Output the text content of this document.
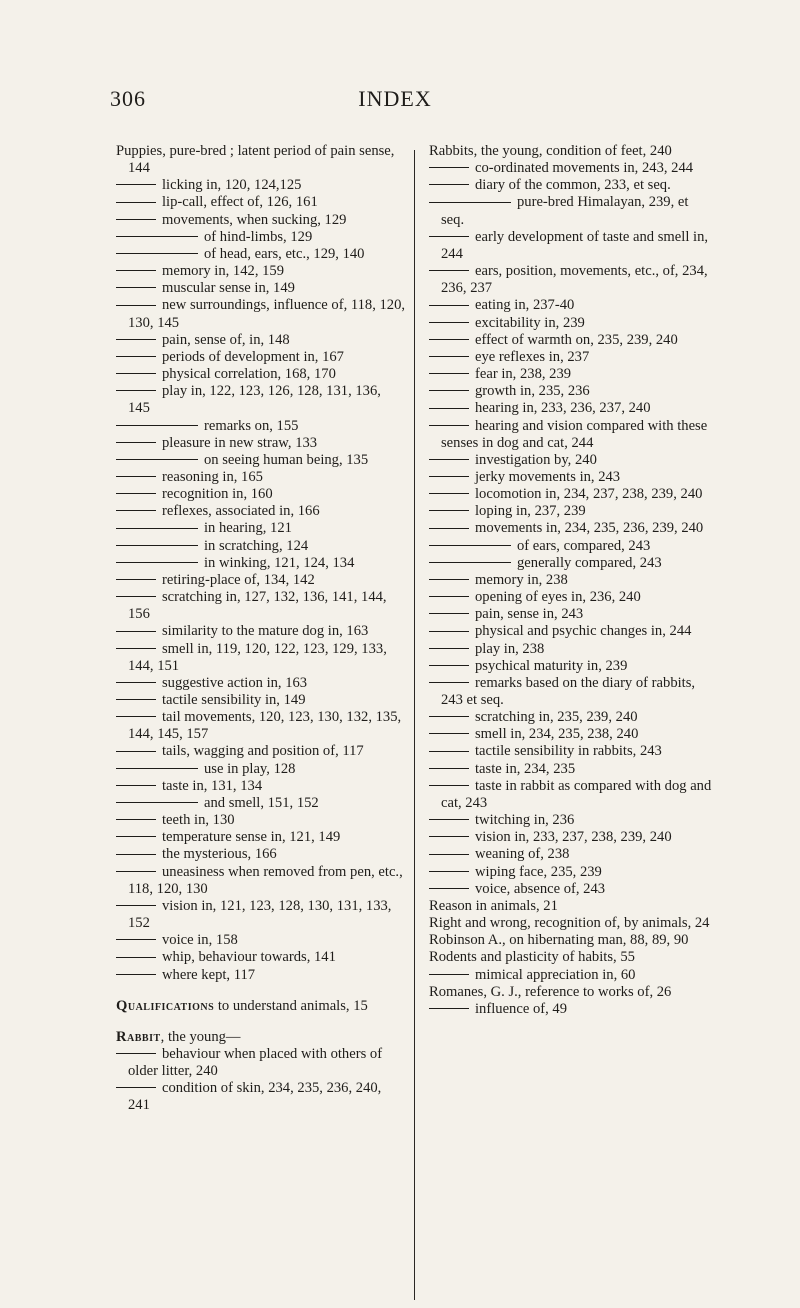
306	INDEX

Puppies, pure-bred ; latent period of pain sense, 144

licking in, 120, 124,125

lip-call, effect of, 126, 161

movements, when sucking, 129

of hind-limbs, 129

of head, ears, etc., 129, 140

memory in, 142, 159

muscular sense in, 149

new surroundings, influence of, 118, 120, 130, 145

pain, sense of, in, 148

periods of development in, 167

physical correlation, 168, 170

play in, 122, 123, 126, 128, 131, 136, 145

remarks on, 155

pleasure in new straw, 133

on seeing human being, 135

reasoning in, 165

recognition in, 160

reflexes, associated in, 166

in hearing, 121

in scratching, 124

in winking, 121, 124, 134

retiring-place of, 134, 142

scratching in, 127, 132, 136, 141, 144, 156

similarity to the mature dog in, 163

smell in, 119, 120, 122, 123, 129, 133, 144, 151

suggestive action in, 163

tactile sensibility in, 149

tail movements, 120, 123, 130, 132, 135, 144, 145, 157

tails, wagging and position of, 117

use in play, 128

taste in, 131, 134

and smell, 151, 152

teeth in, 130

temperature sense in, 121, 149

the mysterious, 166

uneasiness when removed from pen, etc., 118, 120, 130

vision in, 121, 123, 128, 130, 131, 133, 152

voice in, 158

whip, behaviour towards, 141

where kept, 117

Qualifications to understand animals, 15

Rabbit, the young—

behaviour when placed with others of older litter, 240

condition of skin, 234, 235, 236, 240, 241

Rabbits, the young, condition of feet, 240

co-ordinated movements in, 243, 244

diary of the common, 233, et seq.

pure-bred Himalayan, 239, et seq.

early development of taste and smell in, 244

ears, position, movements, etc., of, 234, 236, 237

eating in, 237-40

excitability in, 239

effect of warmth on, 235, 239, 240

eye reflexes in, 237

fear in, 238, 239

growth in, 235, 236

hearing in, 233, 236, 237, 240

hearing and vision compared with these senses in dog and cat, 244

investigation by, 240

jerky movements in, 243

locomotion in, 234, 237, 238, 239, 240

loping in, 237, 239

movements in, 234, 235, 236, 239, 240

of ears, compared, 243

generally compared, 243

memory in, 238

opening of eyes in, 236, 240

pain, sense in, 243

physical and psychic changes in, 244

play in, 238

psychical maturity in, 239

remarks based on the diary of rabbits, 243 et seq.

scratching in, 235, 239, 240

smell in, 234, 235, 238, 240

tactile sensibility in rabbits, 243

taste in, 234, 235

taste in rabbit as compared with dog and cat, 243

twitching in, 236

vision in, 233, 237, 238, 239, 240

weaning of, 238

wiping face, 235, 239

voice, absence of, 243

Reason in animals, 21

Right and wrong, recognition of, by animals, 24

Robinson A., on hibernating man, 88, 89, 90

Rodents and plasticity of habits, 55

mimical appreciation in, 60

Romanes, G. J., reference to works of, 26

influence of, 49
